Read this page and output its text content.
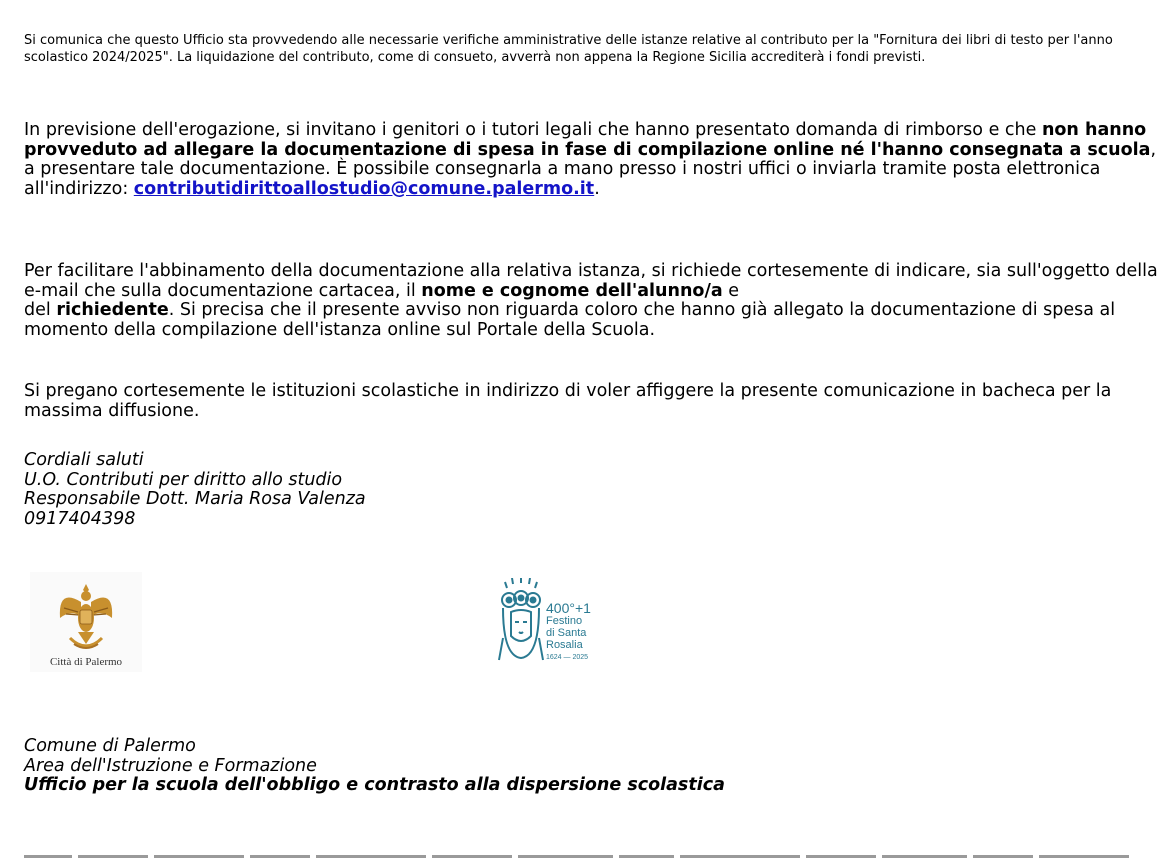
Si comunica che questo Ufficio sta provvedendo alle necessarie verifiche amministrative delle istanze relative al contributo per la "Fornitura dei libri di testo per l'anno scolastico 2024/2025". La liquidazione del contributo, come di consueto, avverrà non appena la Regione Sicilia accrediterà i fondi previsti.

In previsione dell'erogazione, si invitano i genitori o i tutori legali che hanno presentato domanda di rimborso e che non hanno provveduto ad allegare la documentazione di spesa in fase di compilazione online né l'hanno consegnata a scuola, a presentare tale documentazione. È possibile consegnarla a mano presso i nostri uffici o inviarla tramite posta elettronica
all'indirizzo: contributidirittoallostudio@comune.palermo.it.

Per facilitare l'abbinamento della documentazione alla relativa istanza, si richiede cortesemente di indicare, sia sull'oggetto della e-mail che sulla documentazione cartacea, il nome e cognome dell'alunno/a e
del richiedente. Si precisa che il presente avviso non riguarda coloro che hanno già allegato la documentazione di spesa al momento della compilazione dell'istanza online sul Portale della Scuola.

Si pregano cortesemente le istituzioni scolastiche in indirizzo di voler affiggere la presente comunicazione in bacheca per la massima diffusione.

Cordiali saluti
U.O. Contributi per diritto allo studio
Responsabile Dott. Maria Rosa Valenza
0917404398
Città di Palermo
400°+1
Festino
di Santa
Rosalia
1624 — 2025
Comune di Palermo
Area dell'Istruzione e Formazione
Ufficio per la scuola dell'obbligo e contrasto alla dispersione scolastica
